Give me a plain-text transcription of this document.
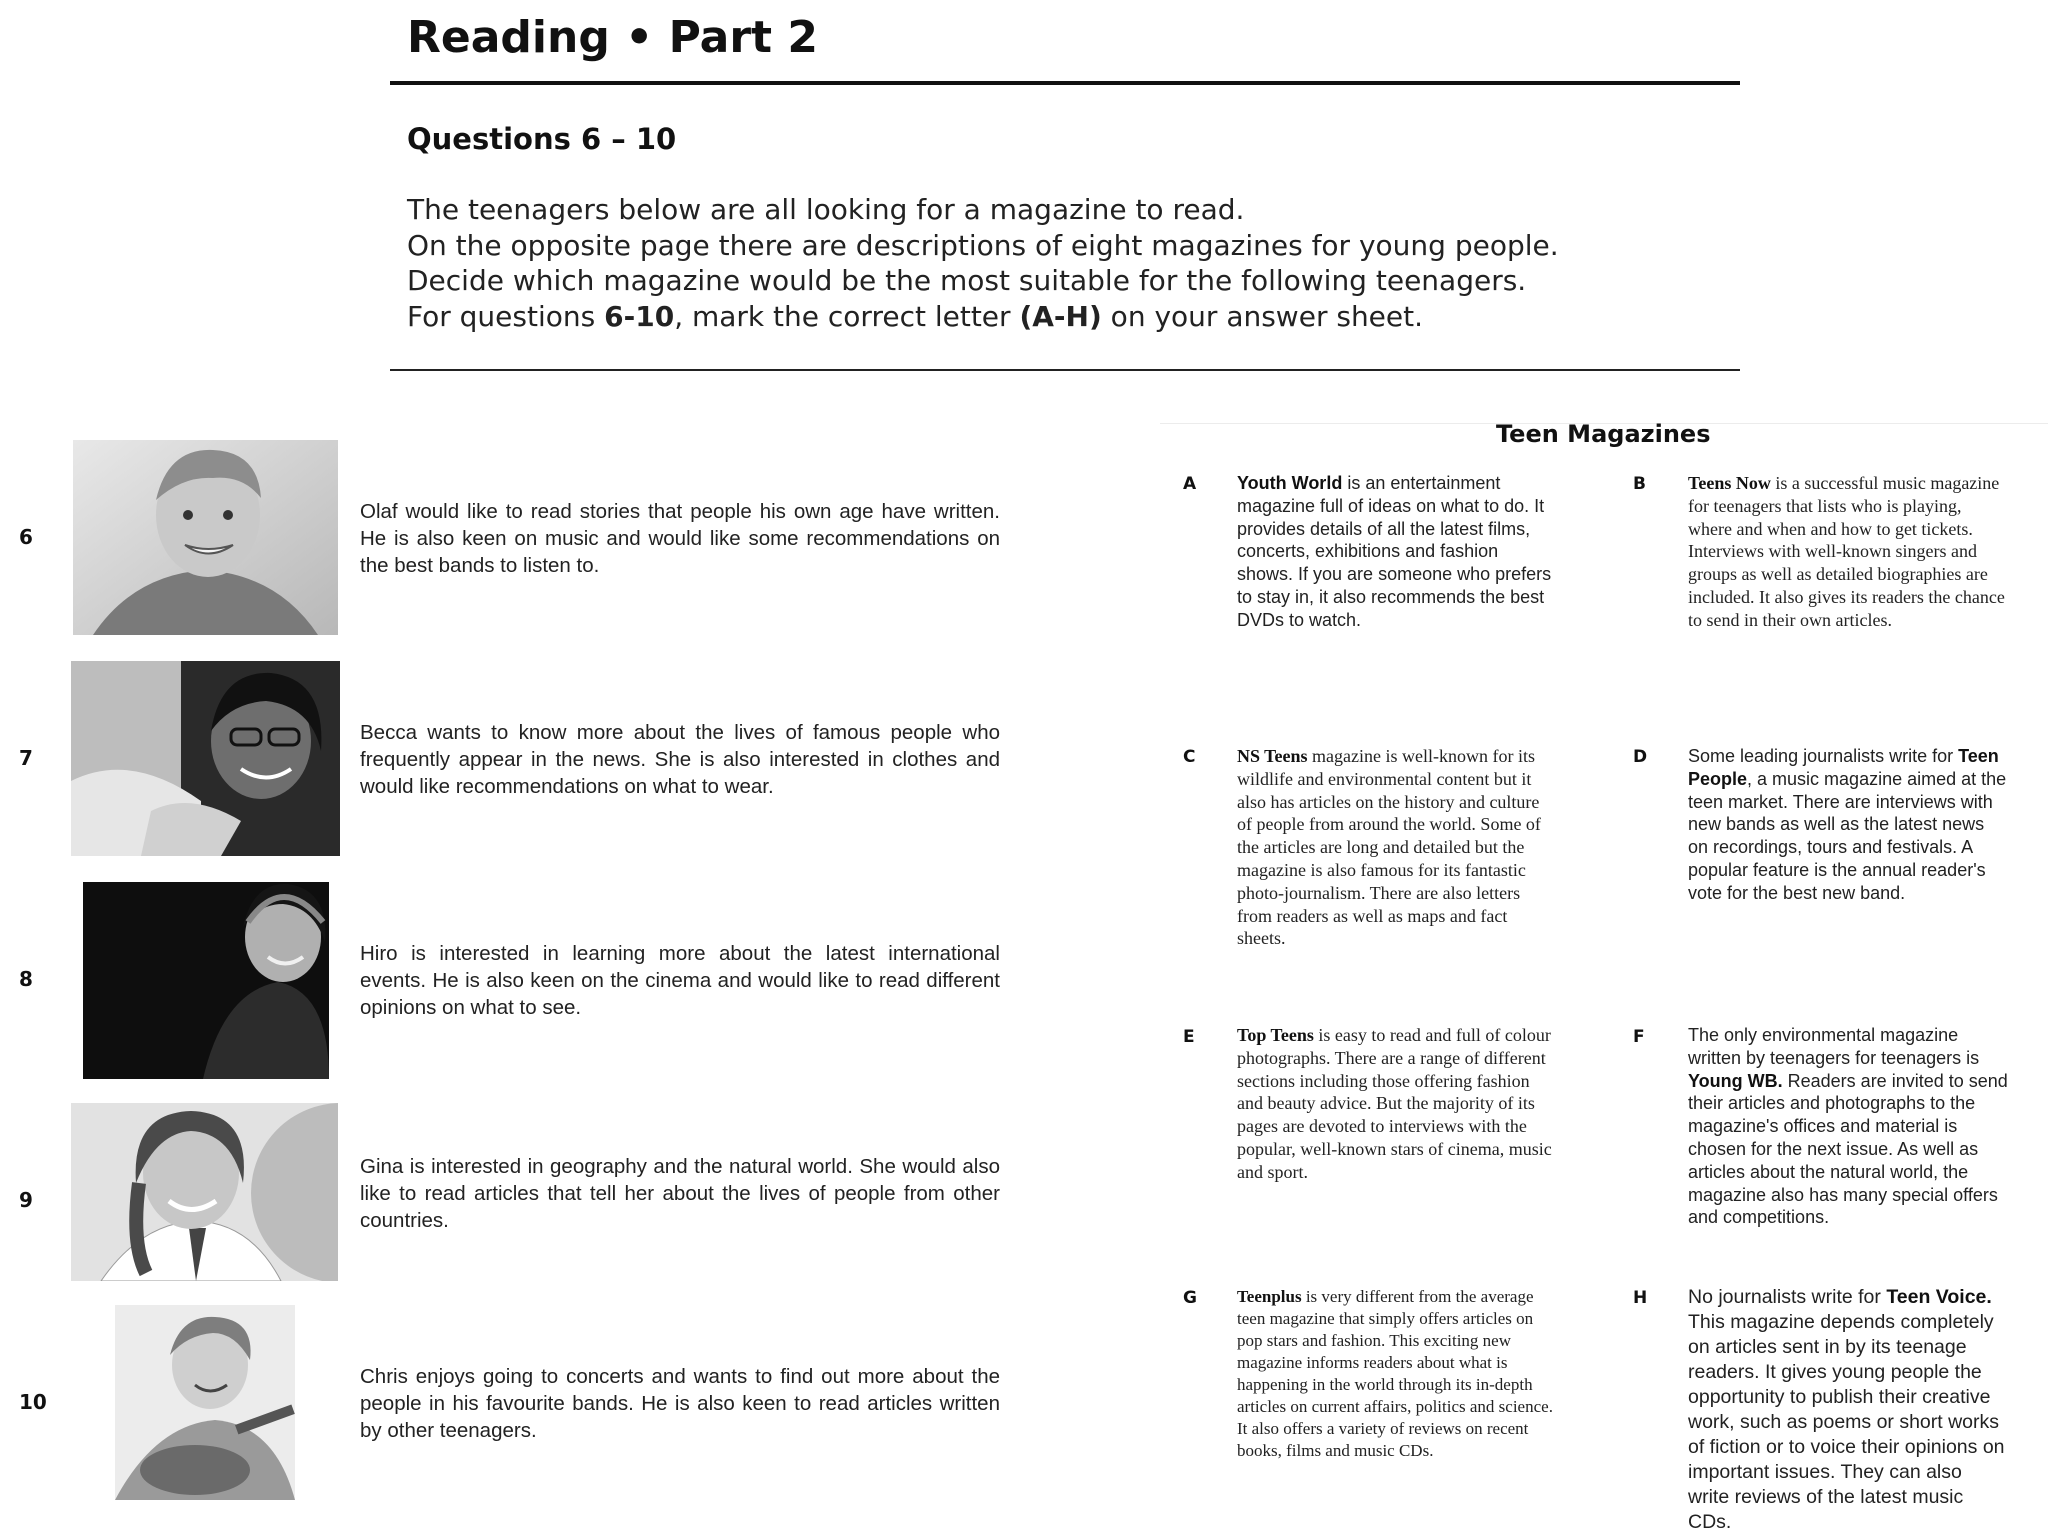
Reading • Part 2
Questions 6 – 10

The teenagers below are all looking for a magazine to read.

On the opposite page there are descriptions of eight magazines for young people.

Decide which magazine would be the most suitable for the following teenagers.

For questions 6-10, mark the correct letter (A-H) on your answer sheet.

6
Olaf would like to read stories that people his own age have written. He is also keen on music and would like some recommendations on the best bands to listen to.
7
Becca wants to know more about the lives of famous people who frequently appear in the news. She is also interested in clothes and would like recommendations on what to wear.
8
Hiro is interested in learning more about the latest international events. He is also keen on the cinema and would like to read different opinions on what to see.
9
Gina is interested in geography and the natural world. She would also like to read articles that tell her about the lives of people from other countries.
10
Chris enjoys going to concerts and wants to find out more about the people in his favourite bands. He is also keen to read articles written by other teenagers.
Teen Magazines
A Youth World is an entertainment magazine full of ideas on what to do. It provides details of all the latest films, concerts, exhibitions and fashion shows. If you are someone who prefers to stay in, it also recommends the best DVDs to watch.
B Teens Now is a successful music magazine for teenagers that lists who is playing, where and when and how to get tickets. Interviews with well-known singers and groups as well as detailed biographies are included. It also gives its readers the chance to send in their own articles.
C NS Teens magazine is well-known for its wildlife and environmental content but it also has articles on the history and culture of people from around the world. Some of the articles are long and detailed but the magazine is also famous for its fantastic photo-journalism. There are also letters from readers as well as maps and fact sheets.
D Some leading journalists write for Teen People, a music magazine aimed at the teen market. There are interviews with new bands as well as the latest news on recordings, tours and festivals. A popular feature is the annual reader's vote for the best new band.
E Top Teens is easy to read and full of colour photographs. There are a range of different sections including those offering fashion and beauty advice. But the majority of its pages are devoted to interviews with the popular, well-known stars of cinema, music and sport.
F The only environmental magazine written by teenagers for teenagers is Young WB. Readers are invited to send their articles and photographs to the magazine's offices and material is chosen for the next issue. As well as articles about the natural world, the magazine also has many special offers and competitions.
G Teenplus is very different from the average teen magazine that simply offers articles on pop stars and fashion. This exciting new magazine informs readers about what is happening in the world through its in-depth articles on current affairs, politics and science. It also offers a variety of reviews on recent books, films and music CDs.
H No journalists write for Teen Voice. This magazine depends completely on articles sent in by its teenage readers. It gives young people the opportunity to publish their creative work, such as poems or short works of fiction or to voice their opinions on important issues. They can also write reviews of the latest music CDs.
